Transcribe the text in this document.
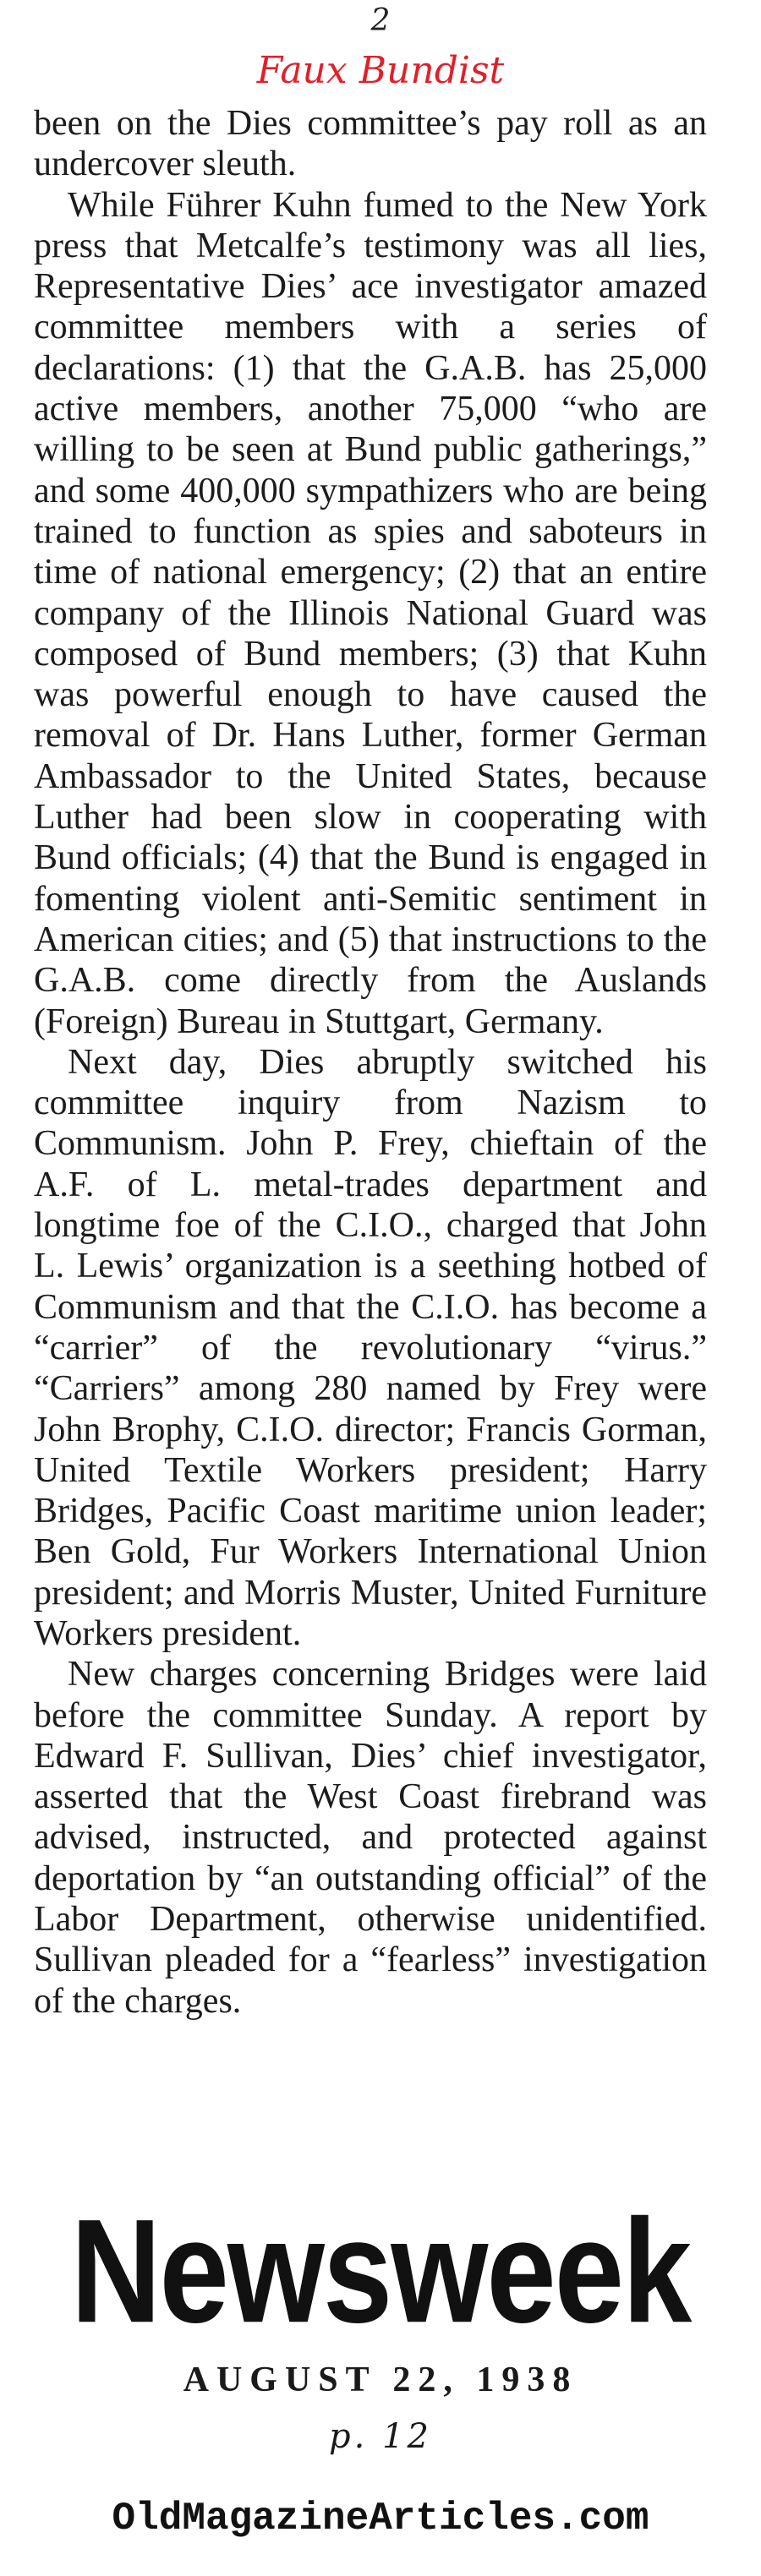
2
Faux Bundist

been on the Dies committee’s pay roll as an undercover sleuth.

While Führer Kuhn fumed to the New York press that Metcalfe’s testimony was all lies, Representative Dies’ ace investigator amazed committee members with a series of declarations: (1) that the G.A.B. has 25,000 active members, another 75,000 “who are willing to be seen at Bund public gatherings,” and some 400,000 sympathizers who are being trained to function as spies and saboteurs in time of national emergency; (2) that an entire company of the Illinois National Guard was composed of Bund members; (3) that Kuhn was powerful enough to have caused the removal of Dr. Hans Luther, former German Ambassador to the United States, because Luther had been slow in cooperating with Bund officials; (4) that the Bund is engaged in fomenting violent anti-Semitic sentiment in American cities; and (5) that instructions to the G.A.B. come directly from the Auslands (Foreign) Bureau in Stuttgart, Germany.

Next day, Dies abruptly switched his committee inquiry from Nazism to Communism. John P. Frey, chieftain of the A.F. of L. metal-trades department and longtime foe of the C.I.O., charged that John L. Lewis’ organization is a seething hotbed of Communism and that the C.I.O. has become a “carrier” of the revolutionary “virus.” “Carriers” among 280 named by Frey were John Brophy, C.I.O. director; Francis Gorman, United Textile Workers president; Harry Bridges, Pacific Coast maritime union leader; Ben Gold, Fur Workers International Union president; and Morris Muster, United Furniture Workers president.

New charges concerning Bridges were laid before the committee Sunday. A report by Edward F. Sullivan, Dies’ chief investigator, asserted that the West Coast firebrand was advised, instructed, and protected against deportation by “an outstanding official” of the Labor Department, otherwise unidentified. Sullivan pleaded for a “fearless” investigation of the charges.

Newsweek
AUGUST 22, 1938
p. 12
OldMagazineArticles.com
